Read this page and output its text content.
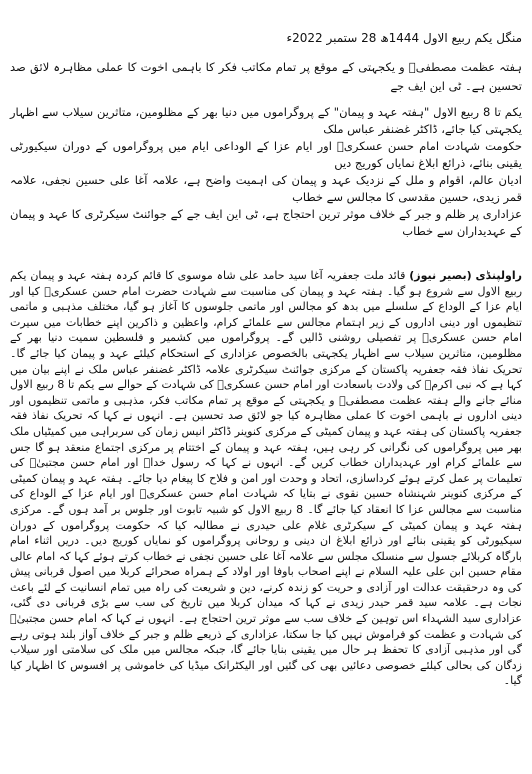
منگل یکم ربیع الاول 1444ھ 28 ستمبر 2022ء
ہفتہ عظمت مصطفیؐ و یکجہتی کے موقع پر تمام مکاتب فکر کا باہمی اخوت کا عملی مظاہرہ لائق صد تحسین ہے۔ ٹی این ایف جے

یکم تا 8 ربیع الاول "ہفتہ عہد و پیمان" کے پروگراموں میں دنیا بھر کے مظلومین، متاثرین سیلاب سے اظہار یکجہتی کیا جائے، ڈاکٹر غضنفر عباس ملک

حکومت شہادت امام حسن عسکریؑ اور ایام عزا کے الوداعی ایام میں پروگراموں کے دوران سیکیورٹی یقینی بنائے، ذرائع ابلاغ نمایاں کوریج دیں

ادیان عالم، اقوام و ملل کے نزدیک عہد و پیمان کی اہمیت واضح ہے، علامہ آغا علی حسین نجفی، علامہ قمر زیدی، حسین مقدسی کا مجالس سے خطاب

عزاداری پر ظلم و جبر کے خلاف موثر ترین احتجاج ہے، ٹی این ایف جے کے جوائنٹ سیکرٹری کا عہد و پیمان کے عہدیداران سے خطاب

راولپنڈی (بصیر نیوز) قائد ملت جعفریہ آغا سید حامد علی شاہ موسوی کا قائم کردہ ہفتہ عہد و پیمان یکم ربیع الاول سے شروع ہو گیا۔ ہفتہ عہد و پیمان کی مناسبت سے شہادت حضرت امام حسن عسکریؑ کیا اور ایام عزا کے الوداع کے سلسلے میں بدھ کو مجالس اور ماتمی جلوسوں کا آغاز ہو گیا، مختلف مذہبی و ماتمی تنظیموں اور دینی اداروں کے زیر اہتمام مجالس سے علمائے کرام، واعظین و ذاکرین اپنے خطابات میں سیرت امام حسن عسکریؑ پر تفصیلی روشنی ڈالیں گے۔ پروگراموں میں کشمیر و فلسطین سمیت دنیا بھر کے مظلومین، متاثرین سیلاب سے اظہار یکجہتی بالخصوص عزاداری کے استحکام کیلئے عہد و پیمان کیا جائے گا۔ تحریک نفاذ فقہ جعفریہ پاکستان کے مرکزی جوائنٹ سیکرٹری علامہ ڈاکٹر غضنفر عباس ملک نے اپنے بیان میں کہا ہے کہ نبی اکرمؐ کی ولادت باسعادت اور امام حسن عسکریؑ کی شہادت کے حوالے سے یکم تا 8 ربیع الاول منائے جانے والے ہفتہ عظمت مصطفیؐ و یکجہتی کے موقع پر تمام مکاتب فکر، مذہبی و ماتمی تنظیموں اور دینی اداروں نے باہمی اخوت کا عملی مظاہرہ کیا جو لائق صد تحسین ہے۔ انہوں نے کہا کہ تحریک نفاذ فقہ جعفریہ پاکستان کی ہفتہ عہد و پیمان کمیٹی کے مرکزی کنوینر ڈاکٹر انیس زمان کی سربراہی میں کمیٹیاں ملک بھر میں پروگراموں کی نگرانی کر رہی ہیں، ہفتہ عہد و پیمان کے اختتام پر مرکزی اجتماع منعقد ہو گا جس سے علمائے کرام اور عہدیداران خطاب کریں گے۔ انہوں نے کہا کہ رسول خداؐ اور امام حسن مجتبیٰؑ کی تعلیمات پر عمل کرتے ہوئے کرداسازی، اتحاد و وحدت اور امن و فلاح کا پیغام دیا جائے۔ ہفتہ عہد و پیمان کمیٹی کے مرکزی کنوینر شہنشاہ حسین نقوی نے بتایا کہ شہادت امام حسن عسکریؑ اور ایام عزا کے الوداع کی مناسبت سے مجالس عزا کا انعقاد کیا جائے گا۔ 8 ربیع الاول کو شبیہ تابوت اور جلوس بر آمد ہوں گے۔ مرکزی ہفتہ عہد و پیمان کمیٹی کے سیکرٹری غلام علی حیدری نے مطالبہ کیا کہ حکومت پروگراموں کے دوران سیکیورٹی کو یقینی بنائے اور ذرائع ابلاغ ان دینی و روحانی پروگراموں کو نمایاں کوریج دیں۔ دریں اثناء امام بارگاہ کربلائے جسول سے منسلک مجلس سے علامہ آغا علی حسین نجفی نے خطاب کرتے ہوئے کہا کہ امام عالی مقام حسین ابن علی علیہ السلام نے اپنے اصحاب باوفا اور اولاد کے ہمراہ صحرائے کربلا میں اصول قربانی پیش کی وہ درحقیقت عدالت اور آزادی و حریت کو زندہ کرنے، دین و شریعت کی راہ میں تمام انسانیت کے لئے باعث نجات ہے۔ علامہ سید قمر حیدر زیدی نے کہا کہ میدان کربلا میں تاریخ کی سب سے بڑی قربانی دی گئی، عزاداری سید الشہداء اس توہین کے خلاف سب سے موثر ترین احتجاج ہے۔ انہوں نے کہا کہ امام حسن مجتبیٰؑ کی شہادت و عظمت کو فراموش نہیں کیا جا سکتا، عزاداری کے ذریعے ظلم و جبر کے خلاف آواز بلند ہوتی رہے گی اور مذہبی آزادی کا تحفظ ہر حال میں یقینی بنایا جائے گا، جبکہ مجالس میں ملک کی سلامتی اور سیلاب زدگان کی بحالی کیلئے خصوصی دعائیں بھی کی گئیں اور الیکٹرانک میڈیا کی خاموشی پر افسوس کا اظہار کیا گیا۔
